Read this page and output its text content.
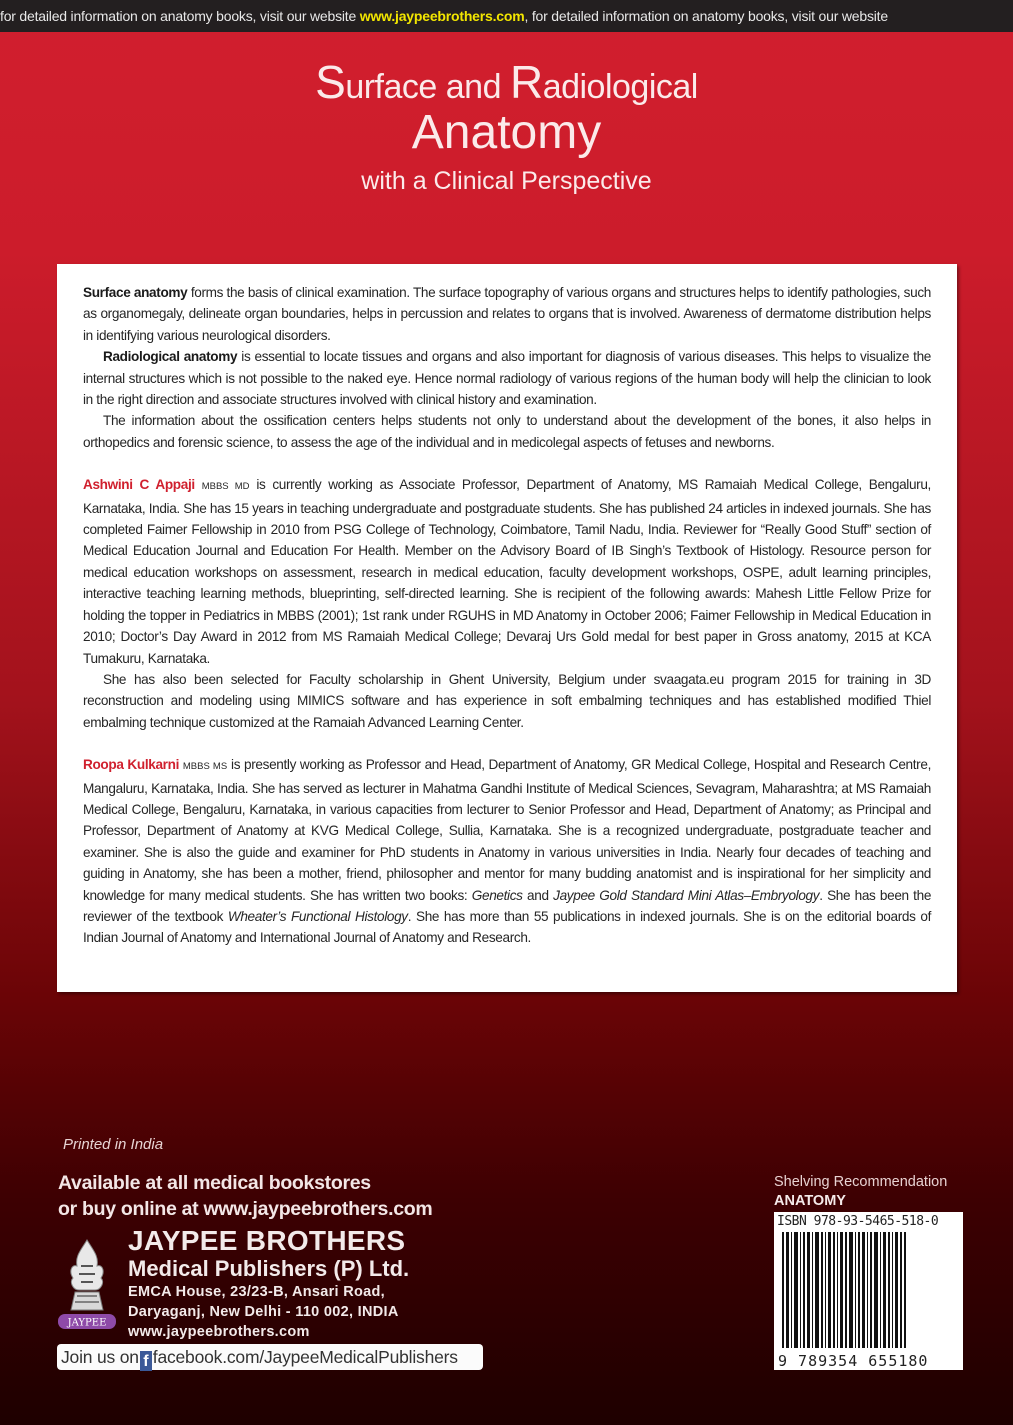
for detailed information on anatomy books, visit our website www.jaypeebrothers.com, for detailed information on anatomy books, visit our website
Surface and Radiological
Anatomy
with a Clinical Perspective

Surface anatomy forms the basis of clinical examination. The surface topography of various organs and structures helps to identify pathologies, such as organomegaly, delineate organ boundaries, helps in percussion and relates to organs that is involved. Awareness of dermatome distribution helps in identifying various neurological disorders.

Radiological anatomy is essential to locate tissues and organs and also important for diagnosis of various diseases. This helps to visualize the internal structures which is not possible to the naked eye. Hence normal radiology of various regions of the human body will help the clinician to look in the right direction and associate structures involved with clinical history and examination.

The information about the ossification centers helps students not only to understand about the development of the bones, it also helps in orthopedics and forensic science, to assess the age of the individual and in medicolegal aspects of fetuses and newborns.

Ashwini C Appaji MBBS MD is currently working as Associate Professor, Department of Anatomy, MS Ramaiah Medical College, Bengaluru, Karnataka, India. She has 15 years in teaching undergraduate and postgraduate students. She has published 24 articles in indexed journals. She has completed Faimer Fellowship in 2010 from PSG College of Technology, Coimbatore, Tamil Nadu, India. Reviewer for “Really Good Stuff” section of Medical Education Journal and Education For Health. Member on the Advisory Board of IB Singh’s Textbook of Histology. Resource person for medical education workshops on assessment, research in medical education, faculty development workshops, OSPE, adult learning principles, interactive teaching learning methods, blueprinting, self-directed learning. She is recipient of the following awards: Mahesh Little Fellow Prize for holding the topper in Pediatrics in MBBS (2001); 1st rank under RGUHS in MD Anatomy in October 2006; Faimer Fellowship in Medical Education in 2010; Doctor’s Day Award in 2012 from MS Ramaiah Medical College; Devaraj Urs Gold medal for best paper in Gross anatomy, 2015 at KCA Tumakuru, Karnataka.

She has also been selected for Faculty scholarship in Ghent University, Belgium under svaagata.eu program 2015 for training in 3D reconstruction and modeling using MIMICS software and has experience in soft embalming techniques and has established modified Thiel embalming technique customized at the Ramaiah Advanced Learning Center.

Roopa Kulkarni MBBS MS is presently working as Professor and Head, Department of Anatomy, GR Medical College, Hospital and Research Centre, Mangaluru, Karnataka, India. She has served as lecturer in Mahatma Gandhi Institute of Medical Sciences, Sevagram, Maharashtra; at MS Ramaiah Medical College, Bengaluru, Karnataka, in various capacities from lecturer to Senior Professor and Head, Department of Anatomy; as Principal and Professor, Department of Anatomy at KVG Medical College, Sullia, Karnataka. She is a recognized undergraduate, postgraduate teacher and examiner. She is also the guide and examiner for PhD students in Anatomy in various universities in India. Nearly four decades of teaching and guiding in Anatomy, she has been a mother, friend, philosopher and mentor for many budding anatomist and is inspirational for her simplicity and knowledge for many medical students. She has written two books: Genetics and Jaypee Gold Standard Mini Atlas–Embryology. She has been the reviewer of the textbook Wheater’s Functional Histology. She has more than 55 publications in indexed journals. She is on the editorial boards of Indian Journal of Anatomy and International Journal of Anatomy and Research.

Printed in India
Available at all medical bookstores
or buy online at www.jaypeebrothers.com
JAYPEE
JAYPEE BROTHERS
Medical Publishers (P) Ltd.
EMCA House, 23/23-B, Ansari Road,
Daryaganj, New Delhi - 110 002, INDIA
www.jaypeebrothers.com
Join us on f facebook.com/JaypeeMedicalPublishers
Shelving Recommendation
ANATOMY
ISBN 978-93-5465-518-0
9 789354 655180
